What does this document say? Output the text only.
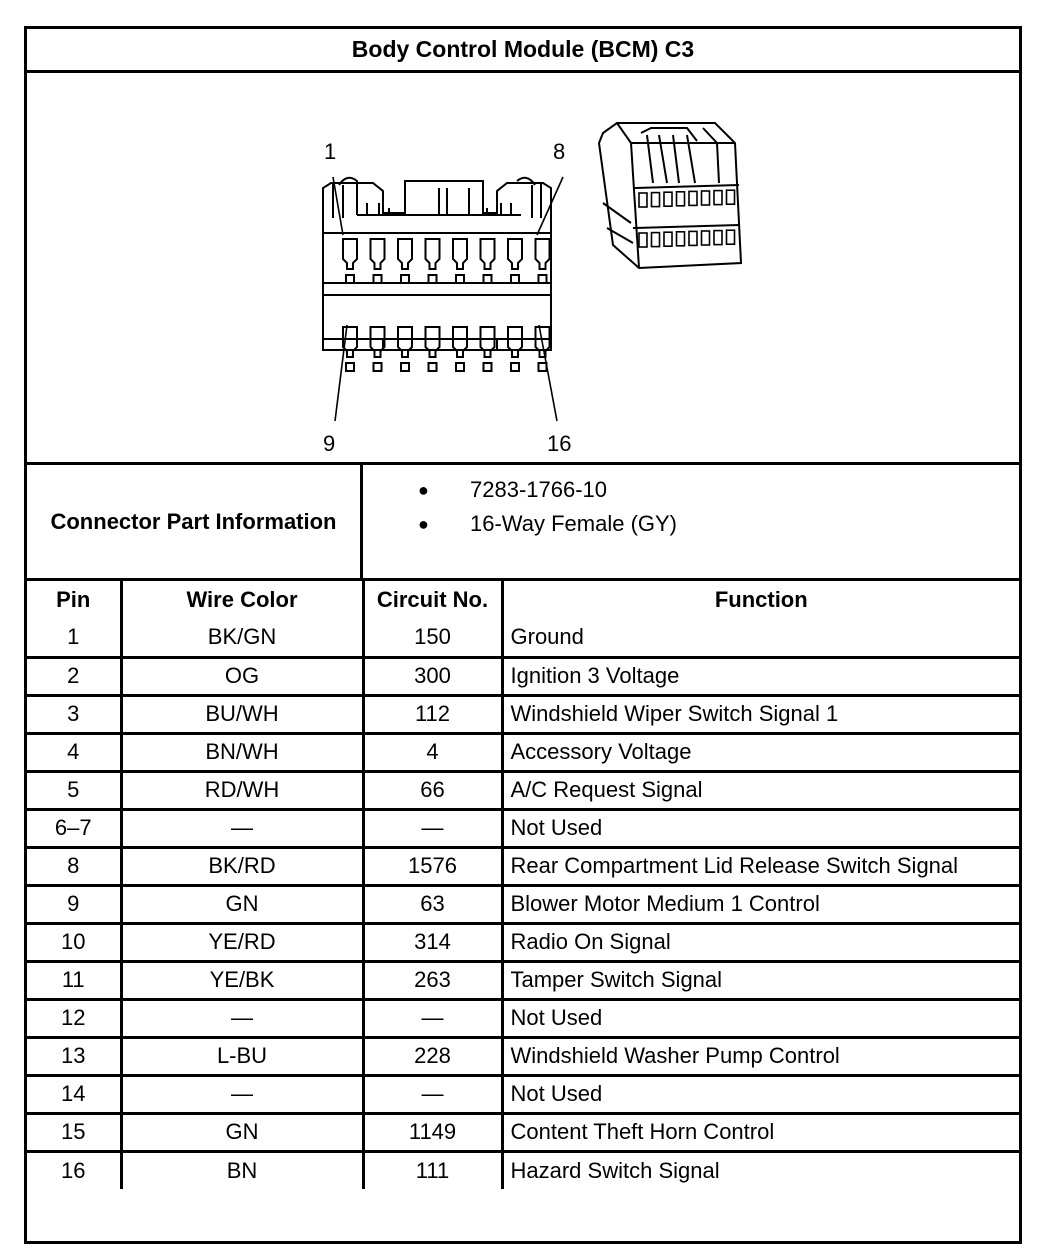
Body Control Module (BCM) C3
1	8
9	16
Connector Part Information
● 7283-1766-10
● 16-Way Female (GY)
Pin	Wire Color	Circuit No.	Function
1	BK/GN	150	Ground
2	OG	300	Ignition 3 Voltage
3	BU/WH	112	Windshield Wiper Switch Signal 1
4	BN/WH	4	Accessory Voltage
5	RD/WH	66	A/C Request Signal
6–7	—	—	Not Used
8	BK/RD	1576	Rear Compartment Lid Release Switch Signal
9	GN	63	Blower Motor Medium 1 Control
10	YE/RD	314	Radio On Signal
11	YE/BK	263	Tamper Switch Signal
12	—	—	Not Used
13	L-BU	228	Windshield Washer Pump Control
14	—	—	Not Used
15	GN	1149	Content Theft Horn Control
16	BN	111	Hazard Switch Signal
